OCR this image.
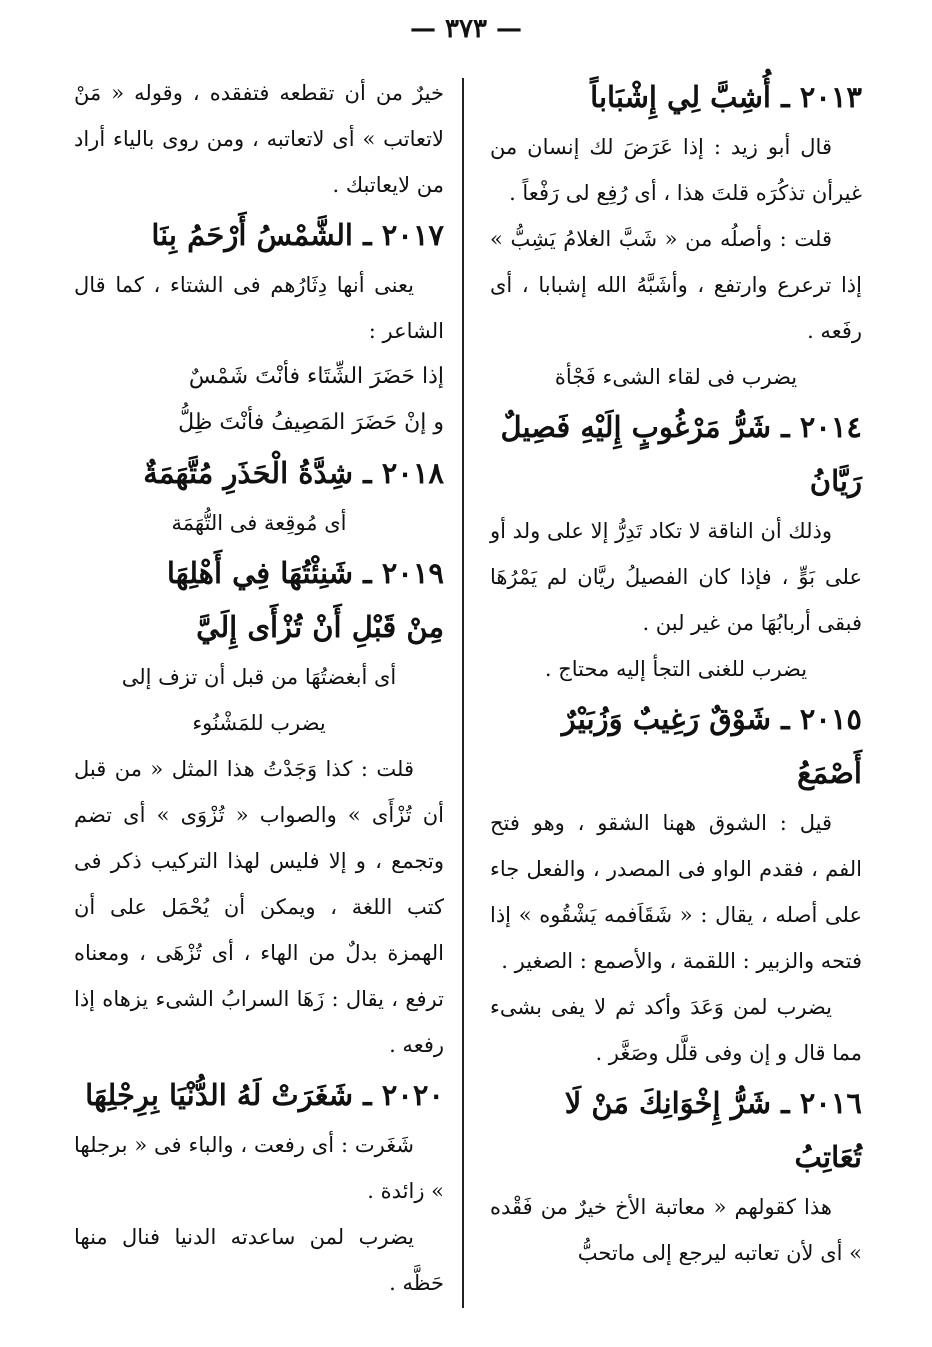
— ٣٧٣ —
٢٠١٣ ـ أُشِبَّ لِي إِشْبَاباً
قال أبو زيد : إذا عَرَضَ لك إنسان من غيرأن تذكُرَه قلتَ هذا ، أى رُفِع لى رَفْعاً .
قلت : وأصلُه من « شَبَّ الغلامُ يَشِبُّ » إذا ترعرع وارتفع ، وأشَبَّهُ الله إشبابا ، أى رفَعه .
يضرب فى لقاء الشىء فَجْأة
٢٠١٤ ـ شَرُّ مَرْغُوبٍ إِلَيْهِ فَصِيلٌ رَيَّانُ
وذلك أن الناقة لا تكاد تَدِرُّ إلا على ولد أو على بَوٍّ ، فإذا كان الفصيلُ ريَّان لم يَمْرُهَا فبقى أربابُهَا من غير لبن .
يضرب للغنى التجأ إليه محتاج .
٢٠١٥ ـ شَوْقٌ رَغِيبٌ وَزُبَيْرٌ أَصْمَعُ
قيل : الشوق ههنا الشقو ، وهو فتح الفم ، فقدم الواو فى المصدر ، والفعل جاء على أصله ، يقال : « شَقَاَفمه يَشْقُوه » إذا فتحه والزبير : اللقمة ، والأصمع : الصغير .
يضرب لمن وَعَدَ وأكد ثم لا يفى بشىء مما قال و إن وفى قلَّل وصَغَّر .
٢٠١٦ ـ شَرُّ إِخْوَانِكَ مَنْ لَا تُعَاتِبُ
هذا كقولهم « معاتبة الأخ خيرٌ من فَقْده » أى لأن تعاتبه ليرجع إلى ماتحبُّ
خيرٌ من أن تقطعه فتفقده ، وقوله « مَنْ لاتعاتب » أى لاتعاتبه ، ومن روى بالياء أراد من لايعاتبك .
٢٠١٧ ـ الشَّمْسُ أَرْحَمُ بِنَا
يعنى أنها دِثَارُهم فى الشتاء ، كما قال الشاعر :
إذا حَضَرَ الشِّتَاء فأنْتَ شَمْسٌ
و إنْ حَضَرَ المَصِيفُ فأنْتَ ظِلُّ
٢٠١٨ ـ شِدَّةُ الْحَذَرِ مُتَّهَمَةٌ
أى مُوقِعة فى التُّهَمَة
٢٠١٩ ـ شَنِئْتُهَا فِي أَهْلِهَا
مِنْ قَبْلِ أَنْ تُزْأَى إِلَيَّ
أى أبغضتُهَا من قبل أن تزف إلى
يضرب للمَشْنُوء
قلت : كذا وَجَدْتُ هذا المثل « من قبل أن تُزْأَى » والصواب « تُزْوَى » أى تضم وتجمع ، و إلا فليس لهذا التركيب ذكر فى كتب اللغة ، ويمكن أن يُحْمَل على أن الهمزة بدلٌ من الهاء ، أى تُزْهَى ، ومعناه ترفع ، يقال : زَهَا السرابُ الشىء يزهاه إذا رفعه .
٢٠٢٠ ـ شَغَرَتْ لَهُ الدُّنْيَا بِرِجْلِهَا
شَغَرت : أى رفعت ، والباء فى « برجلها » زائدة .
يضرب لمن ساعدته الدنيا فنال منها حَظَّه .
